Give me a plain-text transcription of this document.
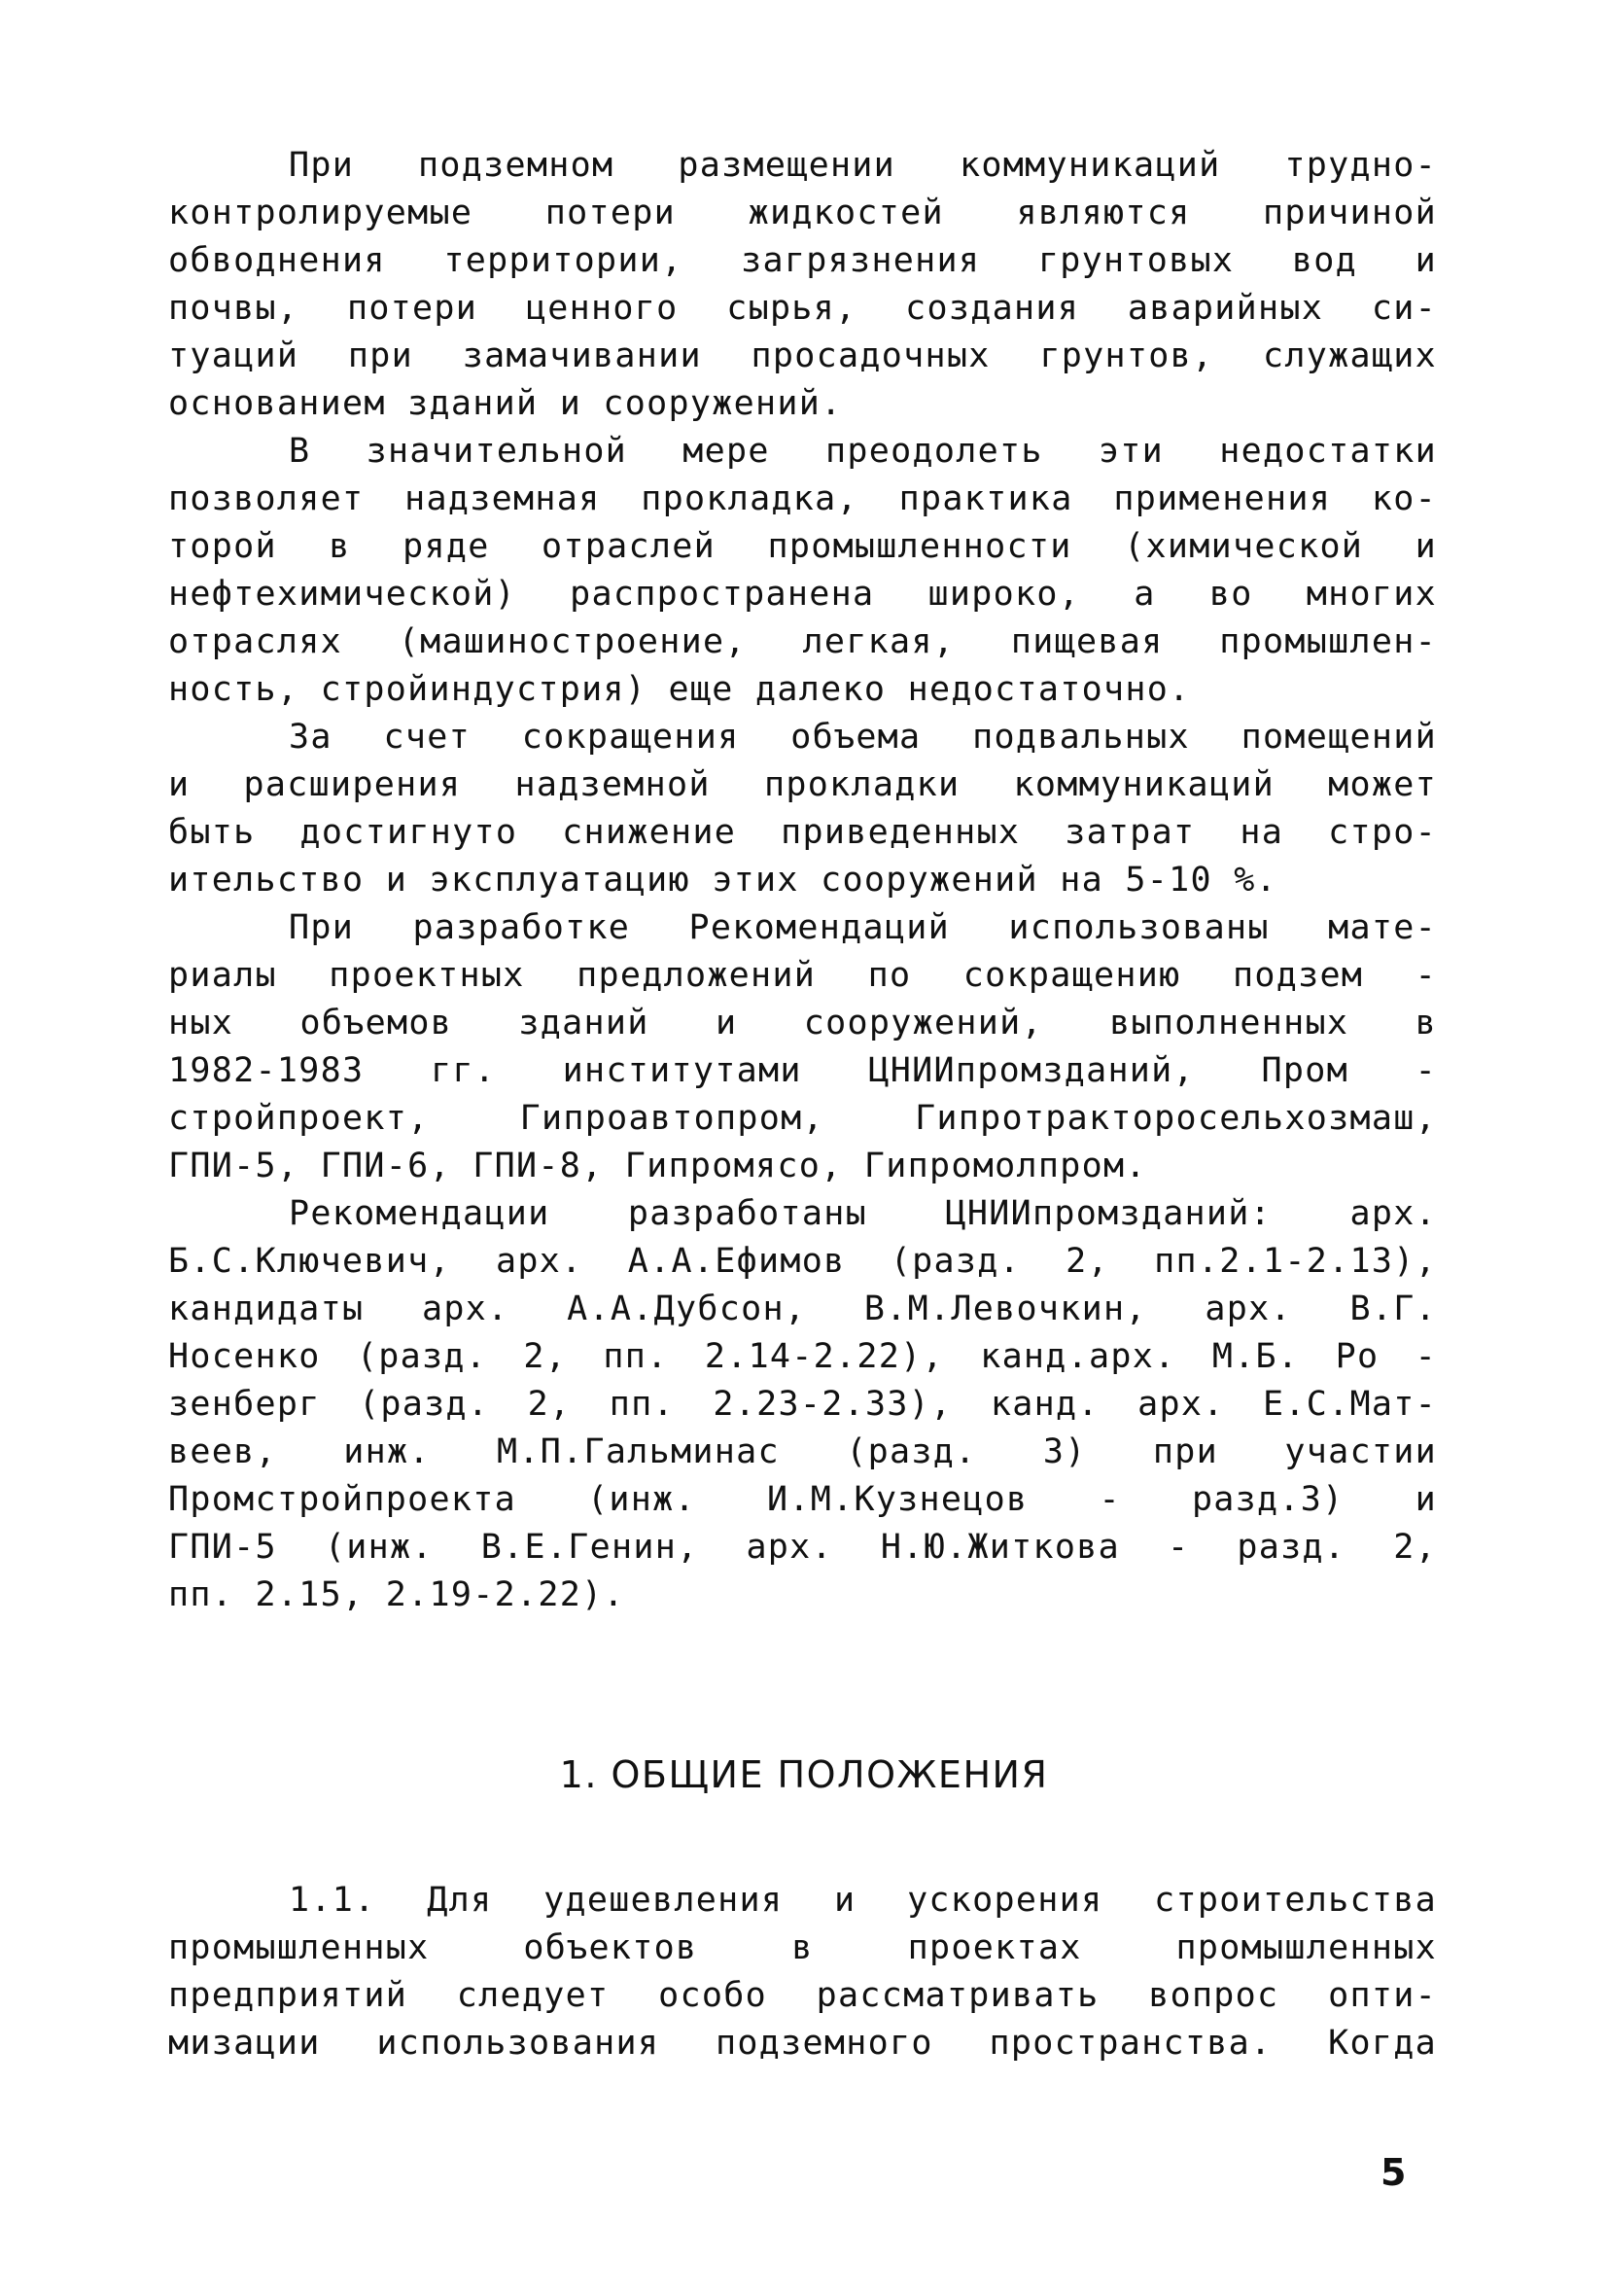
При подземном размещении коммуникаций трудно-
контролируемые потери жидкостей являются причиной
обводнения территории, загрязнения грунтовых вод и
почвы, потери ценного сырья, создания аварийных си-
туаций при замачивании просадочных грунтов, служащих
основанием зданий и сооружений.
В значительной мере преодолеть эти недостатки
позволяет надземная прокладка, практика применения ко-
торой в ряде отраслей промышленности (химической и
нефтехимической) распространена широко, а во многих
отраслях (машиностроение, легкая, пищевая промышлен-
ность, стройиндустрия) еще далеко недостаточно.
За счет сокращения объема подвальных помещений
и расширения надземной прокладки коммуникаций может
быть достигнуто снижение приведенных затрат на стро-
ительство и эксплуатацию этих сооружений на 5-10 %.
При разработке Рекомендаций использованы мате-
риалы проектных предложений по сокращению подзем -
ных объемов зданий и сооружений, выполненных в
1982-1983 гг. институтами ЦНИИпромзданий, Пром -
стройпроект, Гипроавтопром, Гипротракторосельхозмаш,
ГПИ-5, ГПИ-6, ГПИ-8, Гипромясо, Гипромолпром.
Рекомендации разработаны ЦНИИпромзданий: арх.
Б.С.Ключевич, арх. А.А.Ефимов (разд. 2, пп.2.1-2.13),
кандидаты арх. А.А.Дубсон, В.М.Левочкин, арх. В.Г.
Носенко (разд. 2, пп. 2.14-2.22), канд.арх. М.Б. Ро -
зенберг (разд. 2, пп. 2.23-2.33), канд. арх. Е.С.Мат-
веев, инж. М.П.Гальминас (разд. 3) при участии
Промстройпроекта (инж. И.М.Кузнецов - разд.3) и
ГПИ-5 (инж. В.Е.Генин, арх. Н.Ю.Житкова - разд. 2,
пп. 2.15, 2.19-2.22).
1. ОБЩИЕ ПОЛОЖЕНИЯ
1.1. Для удешевления и ускорения строительства
промышленных объектов в проектах промышленных
предприятий следует особо рассматривать вопрос опти-
мизации использования подземного пространства. Когда
5
